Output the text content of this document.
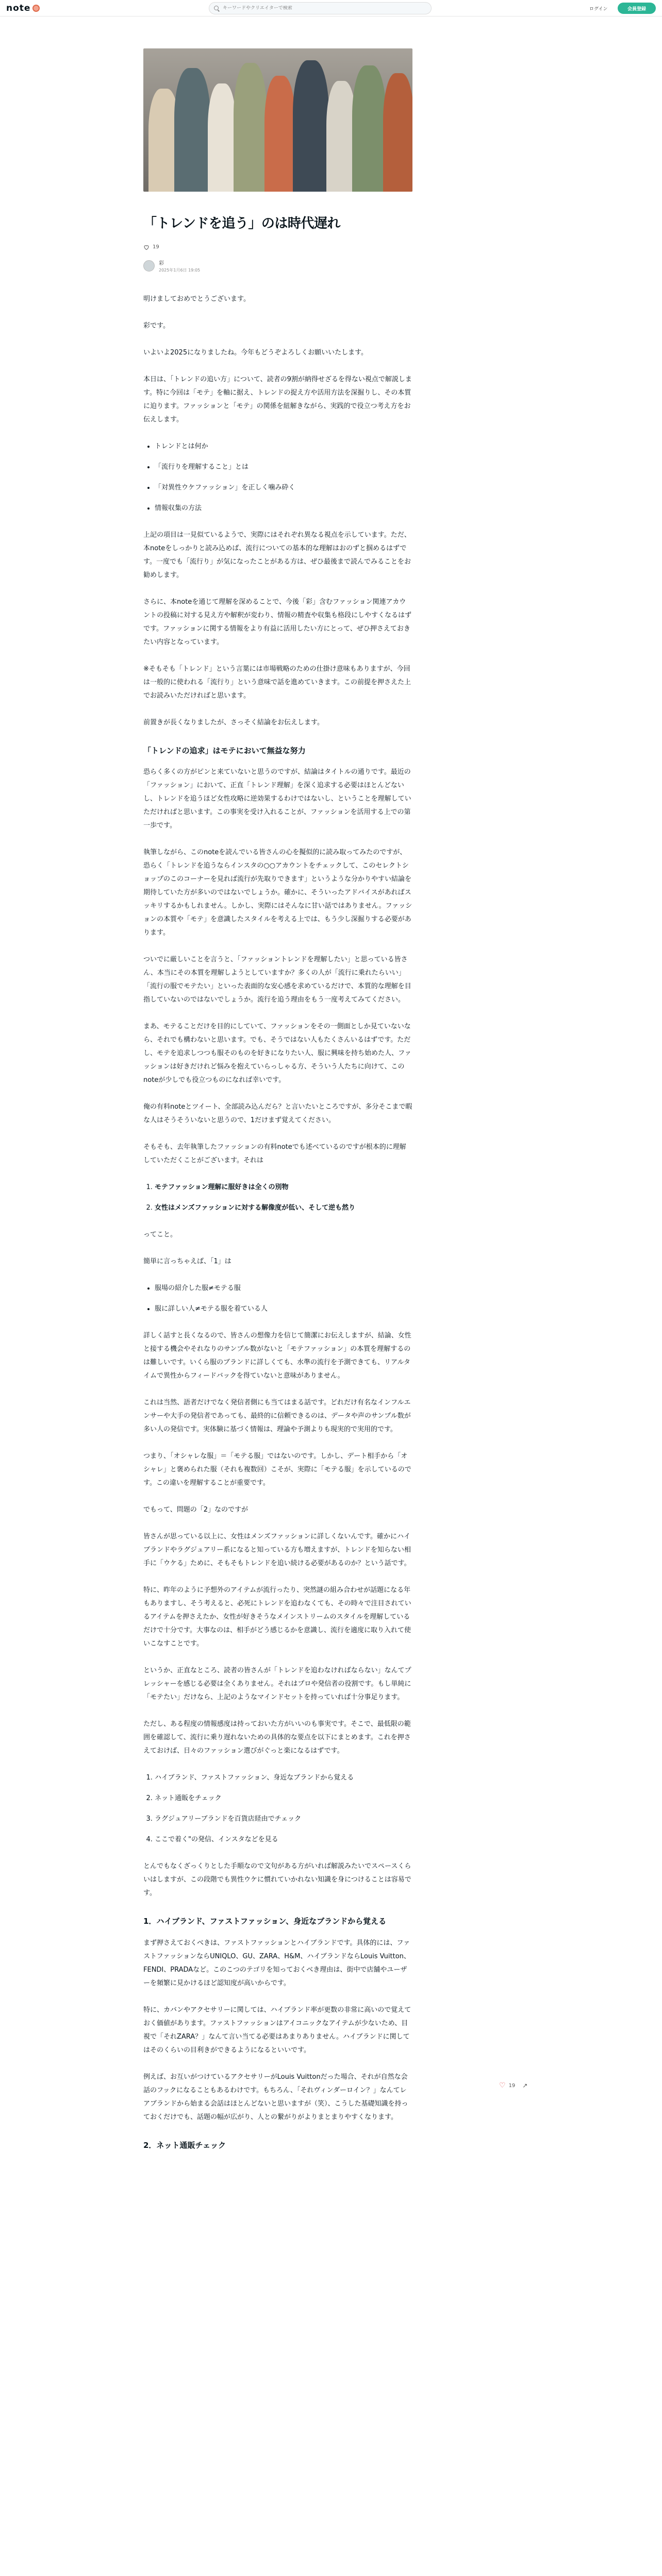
note
キーワードやクリエイターで検索	ログイン	会員登録
「トレンドを追う」のは時代遅れ
19
彩
2025年1月6日 19:05

明けましておめでとうございます。

彩です。

いよいよ2025になりましたね。今年もどうぞよろしくお願いいたします。

本日は、「トレンドの追い方」について、読者の9割が納得せざるを得ない視点で解説します。特に今回は「モテ」を軸に据え、トレンドの捉え方や活用方法を深掘りし、その本質に迫ります。ファッションと「モテ」の関係を紐解きながら、実践的で役立つ考え方をお伝えします。

• トレンドとは何か
• 「流行りを理解すること」とは
• 「対異性ウケファッション」を正しく噛み砕く
• 情報収集の方法

上記の項目は一見似ているようで、実際にはそれぞれ異なる視点を示しています。ただ、本noteをしっかりと読み込めば、流行についての基本的な理解はおのずと掴めるはずです。一度でも「流行り」が気になったことがある方は、ぜひ最後まで読んでみることをお勧めします。

さらに、本noteを通じて理解を深めることで、今後「彩」含むファッション関連アカウントの投稿に対する見え方や解釈が変わり、情報の精査や収集も格段にしやすくなるはずです。ファッションに関する情報をより有益に活用したい方にとって、ぜひ押さえておきたい内容となっています。

※そもそも「トレンド」という言葉には市場戦略のための仕掛け意味もありますが、今回は一般的に使われる「流行り」という意味で話を進めていきます。この前提を押さえた上でお読みいただければと思います。

前置きが長くなりましたが、さっそく結論をお伝えします。

「トレンドの追求」はモテにおいて無益な努力

恐らく多くの方がピンと来ていないと思うのですが、結論はタイトルの通りです。最近の「ファッション」において、正直「トレンド理解」を深く追求する必要はほとんどないし、トレンドを追うほど女性攻略に逆効果するわけではないし、ということを理解していただければと思います。この事実を受け入れることが、ファッションを活用する上での第一歩です。

執筆しながら、このnoteを読んでいる皆さんの心を擬似的に読み取ってみたのですが、恐らく「トレンドを追うならインスタの○○アカウントをチェックして、このセレクトショップのこのコーナーを見れば流行が先取りできます」というような分かりやすい結論を期待していた方が多いのではないでしょうか。確かに、そういったアドバイスがあればスッキリするかもしれません。しかし、実際にはそんなに甘い話ではありません。ファッションの本質や「モテ」を意識したスタイルを考える上では、もう少し深掘りする必要があります。

ついでに厳しいことを言うと、「ファッショントレンドを理解したい」と思っている皆さん、本当にその本質を理解しようとしていますか？多くの人が「流行に乗れたらいい」「流行の服でモテたい」といった表面的な安心感を求めているだけで、本質的な理解を目指していないのではないでしょうか。流行を追う理由をもう一度考えてみてください。

まあ、モテることだけを目的にしていて、ファッションをその一側面としか見ていないなら、それでも構わないと思います。でも、そうではない人もたくさんいるはずです。ただし、モテを追求しつつも服そのものを好きになりたい人、服に興味を持ち始めた人、ファッションは好きだけれど悩みを抱えていらっしゃる方、そういう人たちに向けて、このnoteが少しでも役立つものになれば幸いです。

俺の有料noteとツイート、全部読み込んだら？と言いたいところですが、多分そこまで暇な人はそうそういないと思うので、1だけまず覚えてください。

そもそも、去年執筆したファッションの有料noteでも述べているのですが根本的に理解していただくことがございます。それは

1. モテファッション理解に服好きは全くの別物
2. 女性はメンズファッションに対する解像度が低い、そして逆も然り

ってこと。

簡単に言っちゃえば、「1」は

• 服場の紹介した服≠モテる服
• 服に詳しい人≠モテる服を着ている人

詳しく話すと長くなるので、皆さんの想像力を信じて簡潔にお伝えしますが、結論、女性と接する機会やそれなりのサンプル数がないと「モテファッション」の本質を理解するのは難しいです。いくら服のブランドに詳しくても、水準の流行を予測できても、リアルタイムで異性からフィードバックを得ていないと意味がありません。

これは当然、語者だけでなく発信者側にも当てはまる話です。どれだけ有名なインフルエンサーや大手の発信者であっても、最終的に信頼できるのは、データや声のサンプル数が多い人の発信です。実体験に基づく情報は、理論や予測よりも現実的で実用的です。

つまり、「オシャレな服」＝「モテる服」ではないのです。しかし、デート相手から「オシャレ」と褒められた服（それも複数回）こそが、実際に「モテる服」を示しているのです。この違いを理解することが重要です。

でもって、問題の「2」なのですが

皆さんが思っている以上に、女性はメンズファッションに詳しくないんです。確かにハイブランドやラグジュアリー系になると知っている方も増えますが、トレンドを知らない相手に「ウケる」ために、そもそもトレンドを追い続ける必要があるのか？という話です。

特に、昨年のように予想外のアイテムが流行ったり、突然謎の組み合わせが話題になる年もありますし、そう考えると、必死にトレンドを追わなくても、その時々で注目されているアイテムを押さえたか、女性が好きそうなメインストリームのスタイルを理解しているだけで十分です。大事なのは、相手がどう感じるかを意識し、流行を適度に取り入れて使いこなすことです。

というか、正直なところ、読者の皆さんが「トレンドを追わなければならない」なんてプレッシャーを感じる必要は全くありません。それはプロや発信者の役割です。もし単純に「モテたい」だけなら、上記のようなマインドセットを持っていれば十分事足ります。

ただし、ある程度の情報感度は持っておいた方がいいのも事実です。そこで、最低限の範囲を確認して、流行に乗り遅れないための具体的な要点を以下にまとめます。これを押さえておけば、日々のファッション選びがぐっと楽になるはずです。

1. ハイブランド、ファストファッション、身近なブランドから覚える
2. ネット通販をチェック
3. ラグジュアリーブランドを百貨店経由でチェック
4. ここで着く"の発信、インスタなどを見る

とんでもなくざっくりとした手順なので文句がある方がいれば解説みたいでスペースくらいはしますが、この段階でも異性ウケに慣れていかれない知識を身につけることは容易です。

1．ハイブランド、ファストファッション、身近なブランドから覚える

まず押さえておくべきは、ファストファッションとハイブランドです。具体的には、ファストファッションならUNIQLO、GU、ZARA、H&M、ハイブランドならLouis Vuitton、FENDI、PRADAなど。このこつのテゴリを知っておくべき理由は、街中で店舗やユーザーを頻繁に見かけるほど認知度が高いからです。

特に、カバンやアクセサリーに関しては、ハイブランド率が更数の非常に高いので覚えておく価値があります。ファストファッションはアイコニックなアイテムが少ないため、目視で「それZARA？」なんて言い当てる必要はあまりありません。ハイブランドに関してはそのくらいの目利きができるようになるといいです。

例えば、お互いがつけているアクセサリーがLouis Vuittonだった場合、それが自然な会話のフックになることもあるわけです。もちろん、「それヴィンダーロイン？」なんてレアブランドから始まる会話はほとんどないと思いますが（笑）、こうした基礎知識を持っておくだけでも、話題の幅が広がり、人との繋がりがよりまとまりやすくなります。

2．ネット通販チェック
♡ 19 ↗
